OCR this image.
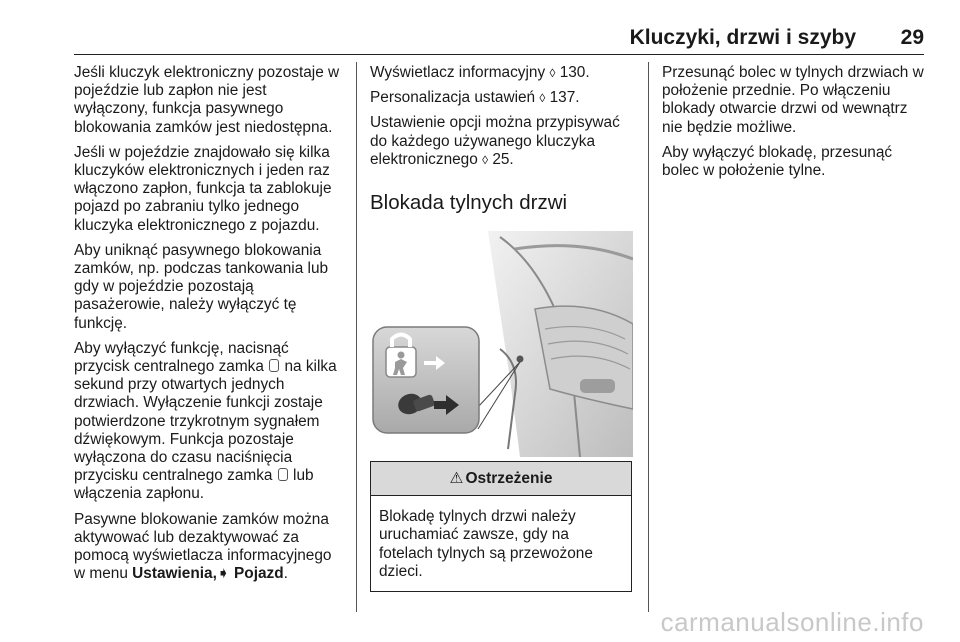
Kluczyki, drzwi i szyby 29

Jeśli kluczyk elektroniczny pozostaje w pojeździe lub zapłon nie jest wyłączony, funkcja pasywnego blokowania zamków jest niedostępna.

Jeśli w pojeździe znajdowało się kilka kluczyków elektronicznych i jeden raz włączono zapłon, funkcja ta zablokuje pojazd po zabraniu tylko jednego kluczyka elektronicznego z pojazdu.

Aby uniknąć pasywnego blokowania zamków, np. podczas tankowania lub gdy w pojeździe pozostają pasażerowie, należy wyłączyć tę funkcję.

Aby wyłączyć funkcję, nacisnąć przycisk centralnego zamka na kilka sekund przy otwartych jednych drzwiach. Wyłączenie funkcji zostaje potwierdzone trzykrotnym sygnałem dźwiękowym. Funkcja pozostaje wyłączona do czasu naciśnięcia przycisku centralnego zamka lub włączenia zapłonu.

Pasywne blokowanie zamków można aktywować lub dezaktywować za pomocą wyświetlacza informacyjnego w menu Ustawienia,➧ Pojazd.

Wyświetlacz informacyjny ◊ 130.

Personalizacja ustawień ◊ 137.

Ustawienie opcji można przypisywać do każdego używanego kluczyka elektronicznego ◊ 25.

Blokada tylnych drzwi
⚠ Ostrzeżenie
Blokadę tylnych drzwi należy uruchamiać zawsze, gdy na fotelach tylnych są przewożone dzieci.

Przesunąć bolec w tylnych drzwiach w położenie przednie. Po włączeniu blokady otwarcie drzwi od wewnątrz nie będzie możliwe.

Aby wyłączyć blokadę, przesunąć bolec w położenie tylne.

carmanualsonline.info
